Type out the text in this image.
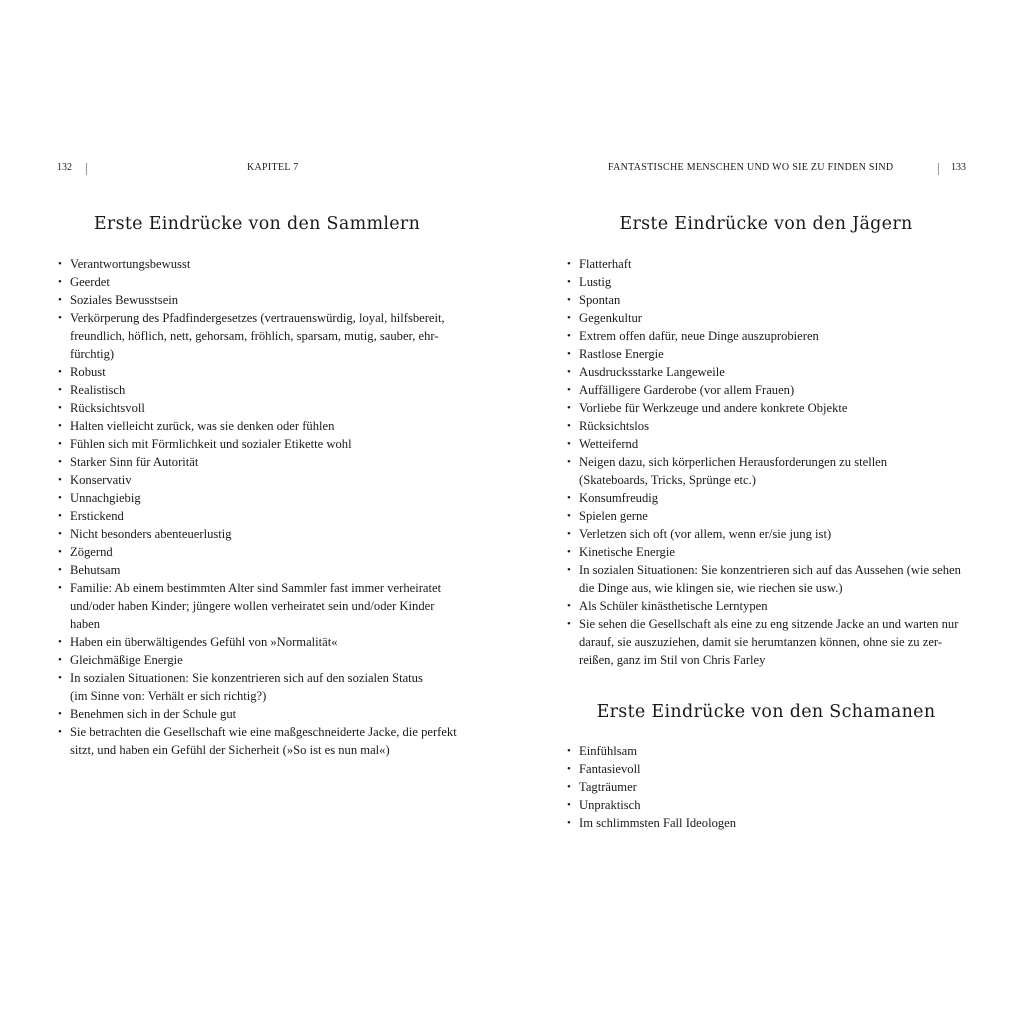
132	KAPITEL 7
Erste Eindrücke von den Sammlern
• Verantwortungsbewusst
• Geerdet
• Soziales Bewusstsein
• Verkörperung des Pfadfindergesetzes (vertrauenswürdig, loyal, hilfsbereit,
freundlich, höflich, nett, gehorsam, fröhlich, sparsam, mutig, sauber, ehr-
fürchtig)
• Robust
• Realistisch
• Rücksichtsvoll
• Halten vielleicht zurück, was sie denken oder fühlen
• Fühlen sich mit Förmlichkeit und sozialer Etikette wohl
• Starker Sinn für Autorität
• Konservativ
• Unnachgiebig
• Erstickend
• Nicht besonders abenteuerlustig
• Zögernd
• Behutsam
• Familie: Ab einem bestimmten Alter sind Sammler fast immer verheiratet
und/oder haben Kinder; jüngere wollen verheiratet sein und/oder Kinder
haben
• Haben ein überwältigendes Gefühl von »Normalität«
• Gleichmäßige Energie
• In sozialen Situationen: Sie konzentrieren sich auf den sozialen Status
(im Sinne von: Verhält er sich richtig?)
• Benehmen sich in der Schule gut
• Sie betrachten die Gesellschaft wie eine maßgeschneiderte Jacke, die perfekt
sitzt, und haben ein Gefühl der Sicherheit (»So ist es nun mal«)
FANTASTISCHE MENSCHEN UND WO SIE ZU FINDEN SIND	133
Erste Eindrücke von den Jägern
• Flatterhaft
• Lustig
• Spontan
• Gegenkultur
• Extrem offen dafür, neue Dinge auszuprobieren
• Rastlose Energie
• Ausdrucksstarke Langeweile
• Auffälligere Garderobe (vor allem Frauen)
• Vorliebe für Werkzeuge und andere konkrete Objekte
• Rücksichtslos
• Wetteifernd
• Neigen dazu, sich körperlichen Herausforderungen zu stellen
(Skateboards, Tricks, Sprünge etc.)
• Konsumfreudig
• Spielen gerne
• Verletzen sich oft (vor allem, wenn er/sie jung ist)
• Kinetische Energie
• In sozialen Situationen: Sie konzentrieren sich auf das Aussehen (wie sehen
die Dinge aus, wie klingen sie, wie riechen sie usw.)
• Als Schüler kinästhetische Lerntypen
• Sie sehen die Gesellschaft als eine zu eng sitzende Jacke an und warten nur
darauf, sie auszuziehen, damit sie herumtanzen können, ohne sie zu zer-
reißen, ganz im Stil von Chris Farley
Erste Eindrücke von den Schamanen
• Einfühlsam
• Fantasievoll
• Tagträumer
• Unpraktisch
• Im schlimmsten Fall Ideologen
